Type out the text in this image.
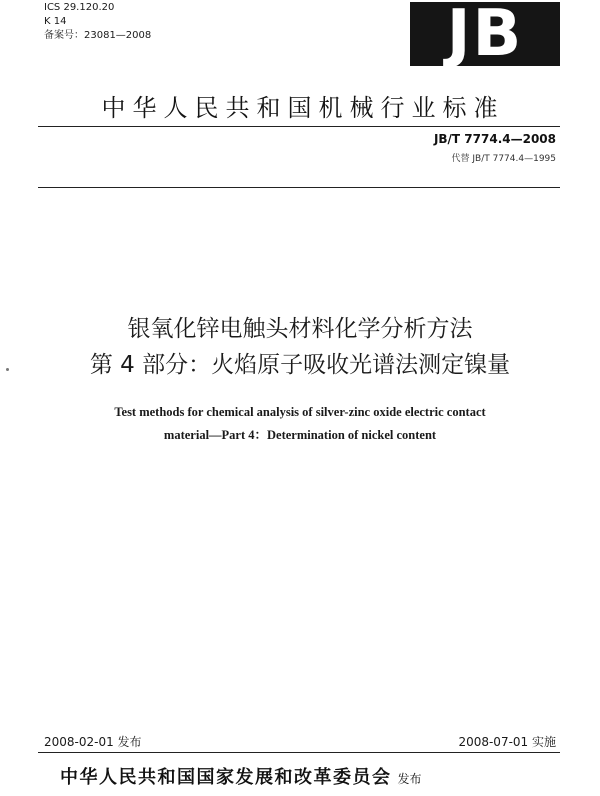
ICS 29.120.20
K 14
备案号：23081—2008	JB
中华人民共和国机械行业标准
JB/T 7774.4—2008
代替 JB/T 7774.4—1995
银氧化锌电触头材料化学分析方法
第 4 部分：火焰原子吸收光谱法测定镍量
Test methods for chemical analysis of silver-zinc oxide electric contact
material—Part 4：Determination of nickel content
2008-02-01 发布	2008-07-01 实施
中华人民共和国国家发展和改革委员会 发布
